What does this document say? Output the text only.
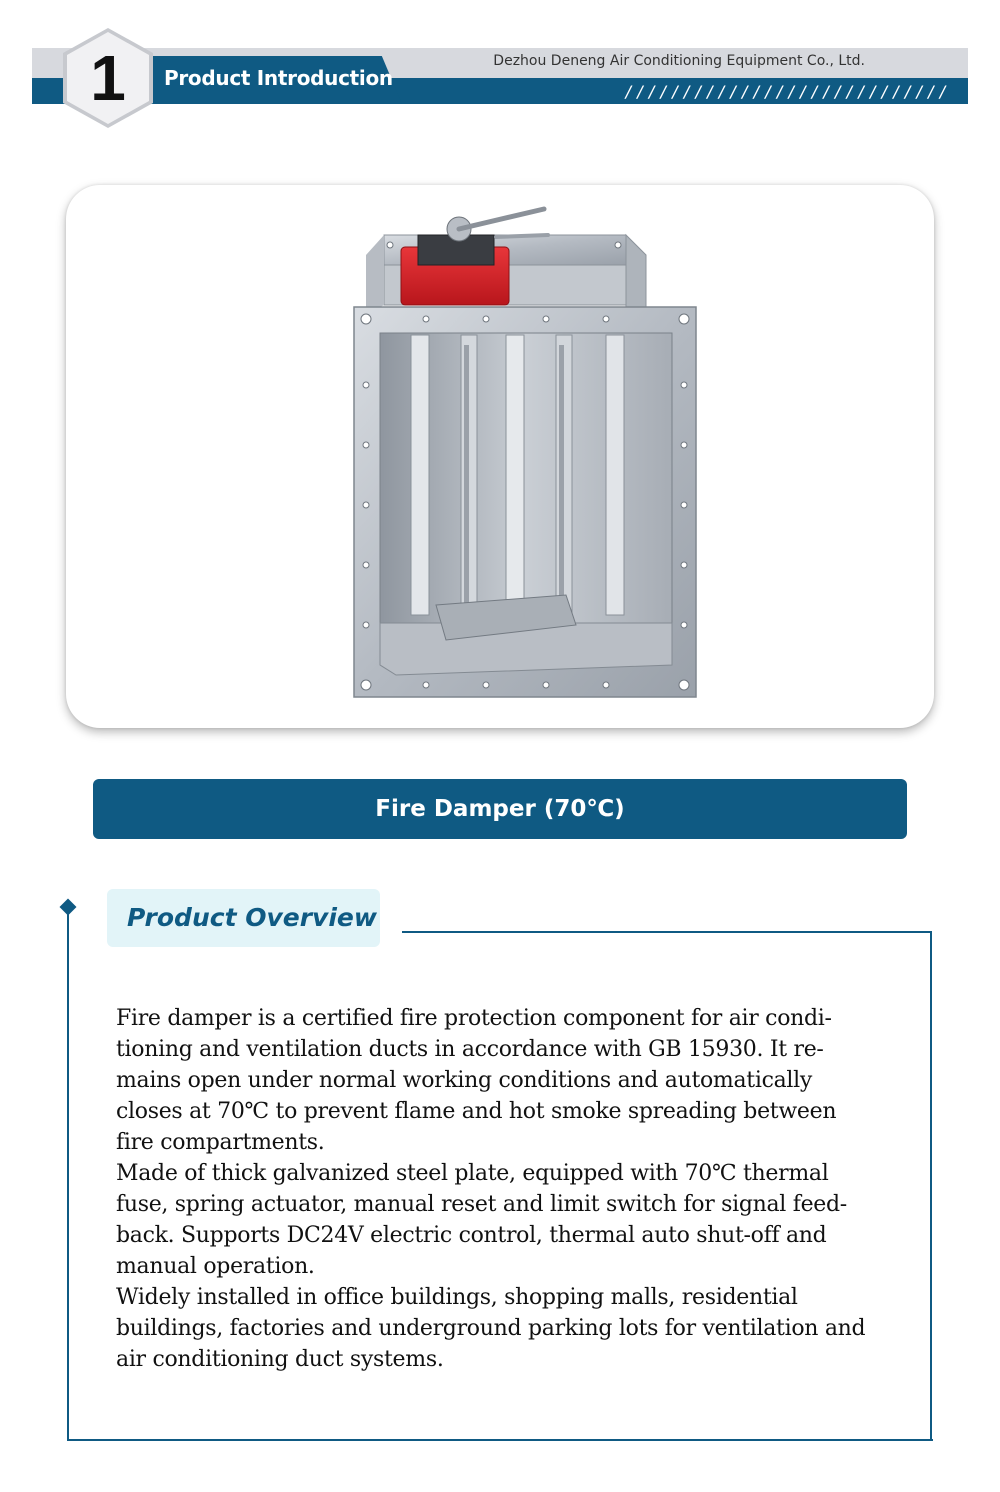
Product Introduction
Dezhou Deneng Air Conditioning Equipment Co., Ltd.
////////////////////////////
1
Fire Damper (70℃)
Product Overview

Fire damper is a certified fire protection component for air condi-tioning and ventilation ducts in accordance with GB 15930. It re-mains open under normal working conditions and automatically closes at 70℃ to prevent flame and hot smoke spreading between fire compartments.

Made of thick galvanized steel plate, equipped with 70℃ thermal fuse, spring actuator, manual reset and limit switch for signal feed-back. Supports DC24V electric control, thermal auto shut-off and manual operation.

Widely installed in office buildings, shopping malls, residential buildings, factories and underground parking lots for ventilation and air conditioning duct systems.
